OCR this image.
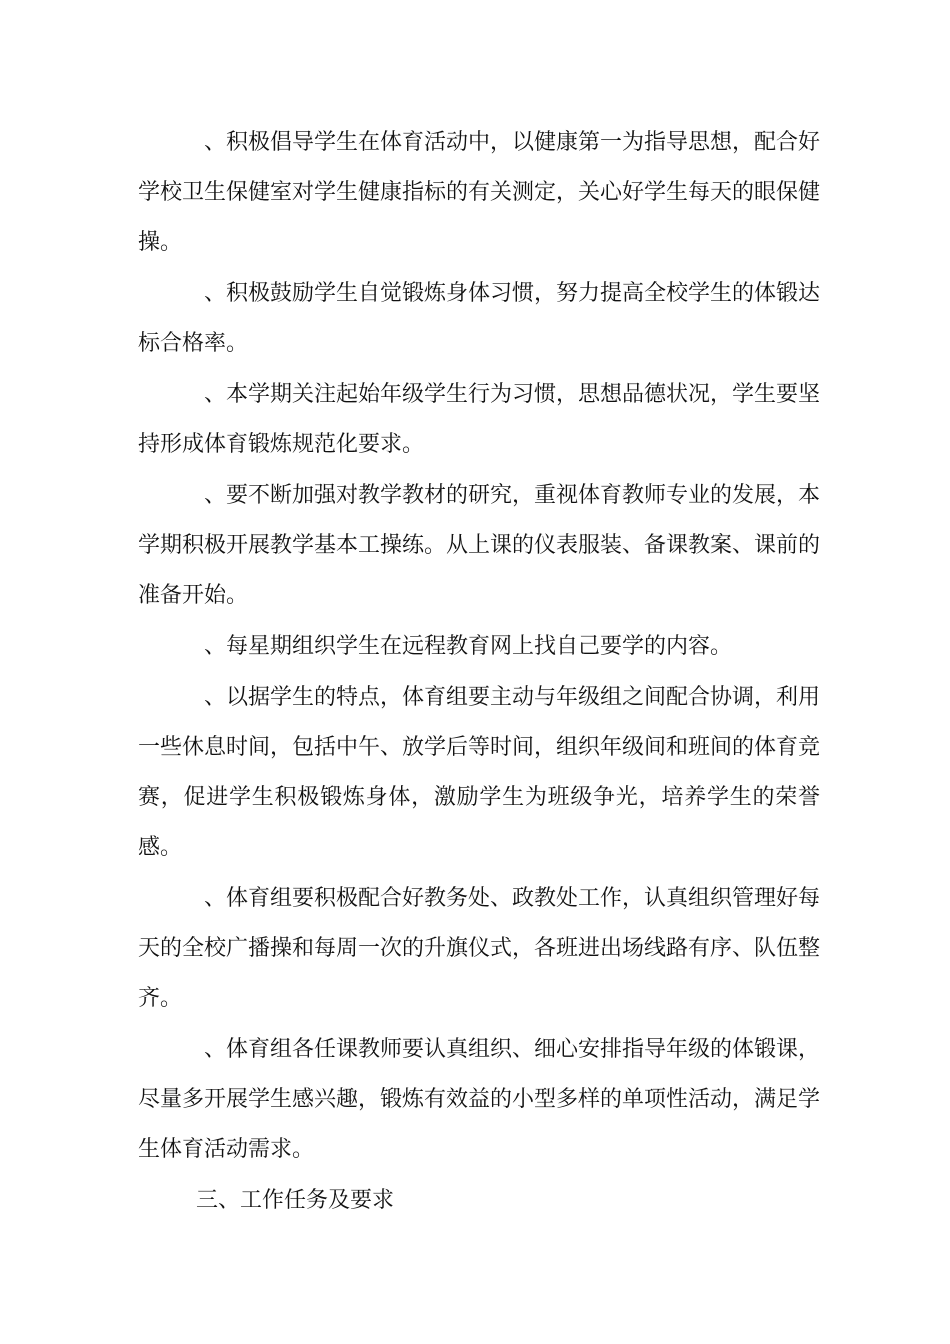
、积极倡导学生在体育活动中，以健康第一为指导思想，配合好学校卫生保健室对学生健康指标的有关测定，关心好学生每天的眼保健操。

、积极鼓励学生自觉锻炼身体习惯，努力提高全校学生的体锻达标合格率。

、本学期关注起始年级学生行为习惯，思想品德状况，学生要坚持形成体育锻炼规范化要求。

、要不断加强对教学教材的研究，重视体育教师专业的发展，本学期积极开展教学基本工操练。从上课的仪表服装、备课教案、课前的准备开始。

、每星期组织学生在远程教育网上找自己要学的内容。

、以据学生的特点，体育组要主动与年级组之间配合协调，利用一些休息时间，包括中午、放学后等时间，组织年级间和班间的体育竞赛，促进学生积极锻炼身体，激励学生为班级争光，培养学生的荣誉感。

、体育组要积极配合好教务处、政教处工作，认真组织管理好每天的全校广播操和每周一次的升旗仪式，各班进出场线路有序、队伍整齐。

、体育组各任课教师要认真组织、细心安排指导年级的体锻课，尽量多开展学生感兴趣，锻炼有效益的小型多样的单项性活动，满足学生体育活动需求。

三、工作任务及要求
